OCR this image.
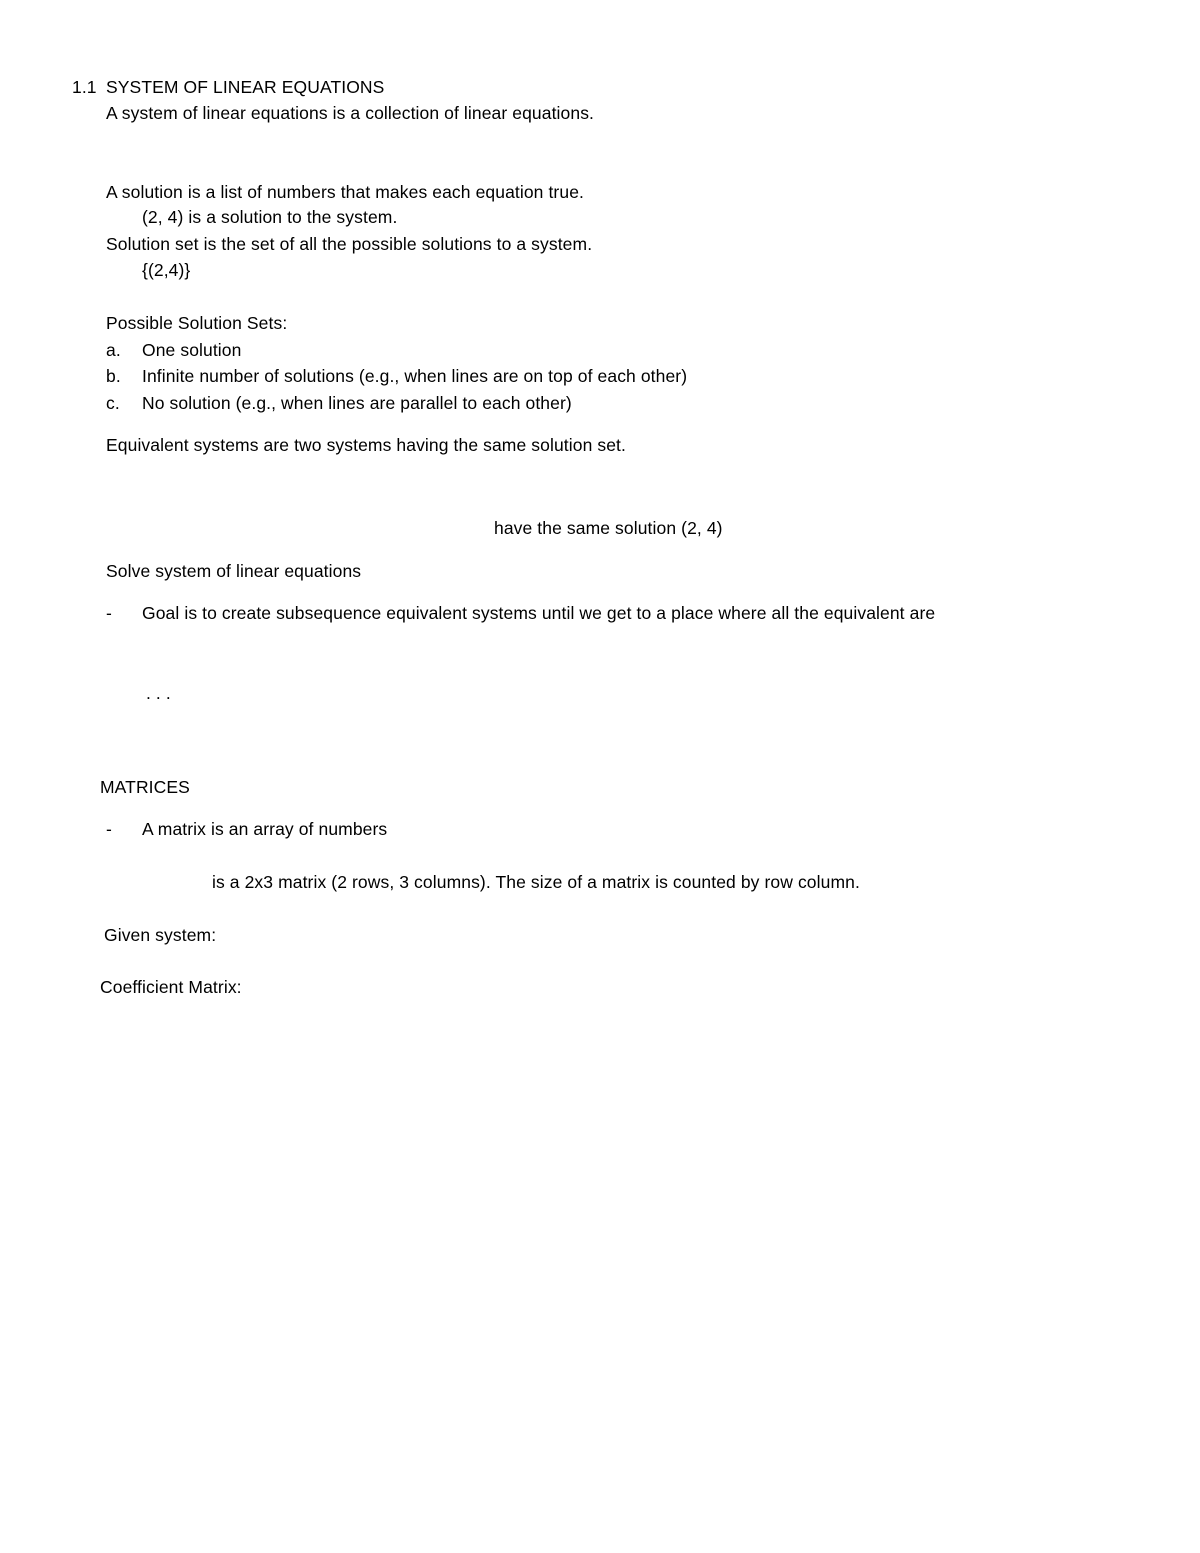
1.1 SYSTEM OF LINEAR EQUATIONS
A system of linear equations is a collection of linear equations.
A solution is a list of numbers that makes each equation true.
(2, 4) is a solution to the system.
Solution set is the set of all the possible solutions to a system.
{(2,4)}
Possible Solution Sets:
a. One solution
b. Infinite number of solutions (e.g., when lines are on top of each other)
c. No solution (e.g., when lines are parallel to each other)
Equivalent systems are two systems having the same solution set.
have the same solution (2, 4)
Solve system of linear equations
- Goal is to create subsequence equivalent systems until we get to a place where all the equivalent are
. . .
MATRICES
- A matrix is an array of numbers
is a 2x3 matrix (2 rows, 3 columns). The size of a matrix is counted by row column.
Given system:
Coefficient Matrix:
